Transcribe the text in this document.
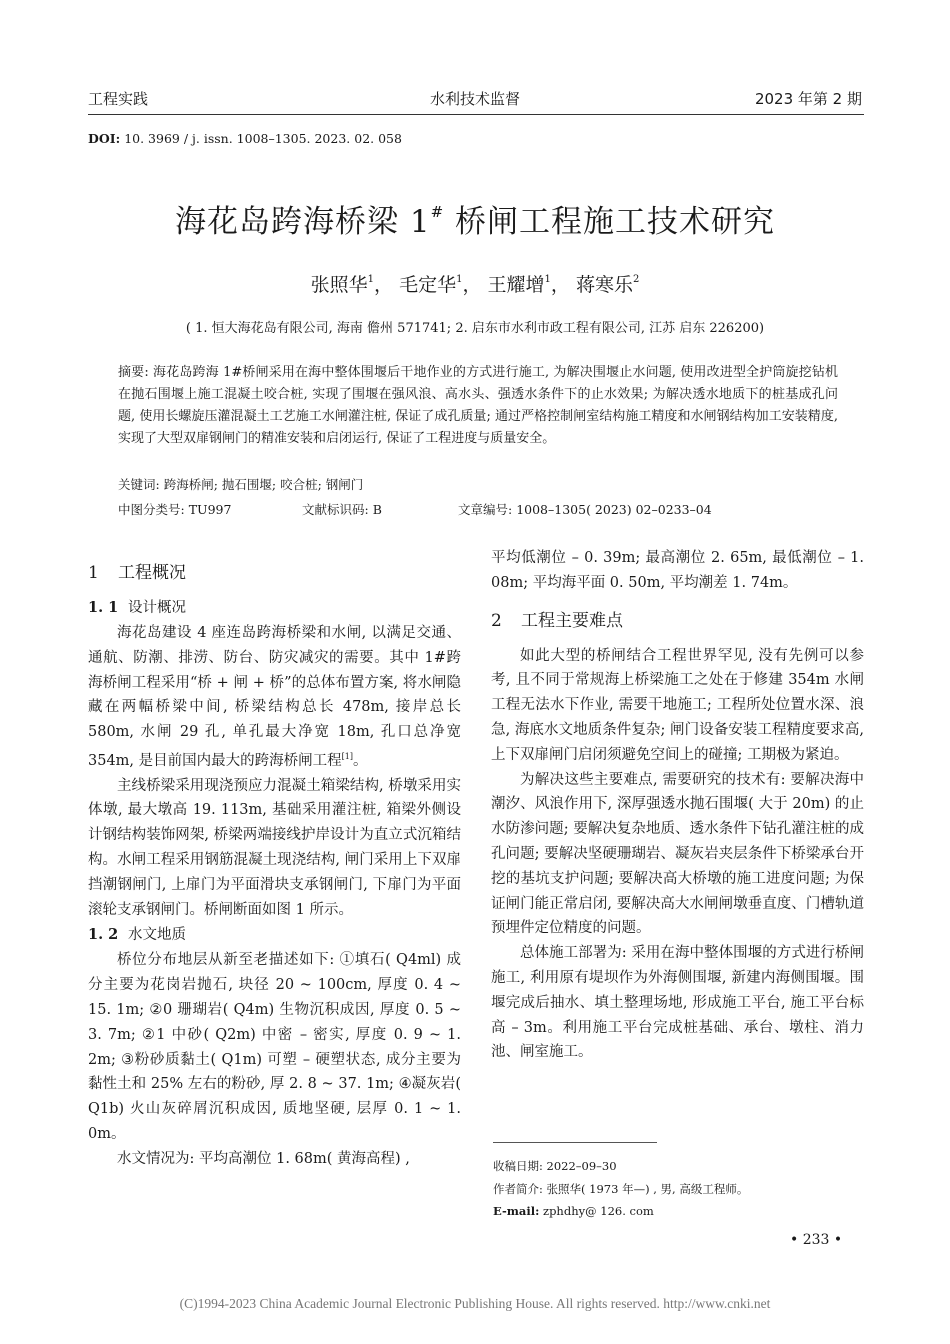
工程实践	水利技术监督	2023 年第 2 期
DOI: 10. 3969 / j. issn. 1008–1305. 2023. 02. 058
海花岛跨海桥梁 1# 桥闸工程施工技术研究
张照华$^1$， 毛定华$^1$， 王耀增$^1$， 蒋寒乐$^2$
( 1. 恒大海花岛有限公司, 海南 儋州 571741; 2. 启东市水利市政工程有限公司, 江苏 启东 226200)
摘要: 海花岛跨海 1#桥闸采用在海中整体围堰后干地作业的方式进行施工, 为解决围堰止水问题, 使用改进型全护筒旋挖钻机在抛石围堰上施工混凝土咬合桩, 实现了围堰在强风浪、高水头、强透水条件下的止水效果; 为解决透水地质下的桩基成孔问题, 使用长螺旋压灌混凝土工艺施工水闸灌注桩, 保证了成孔质量; 通过严格控制闸室结构施工精度和水闸钢结构加工安装精度, 实现了大型双扉钢闸门的精准安装和启闭运行, 保证了工程进度与质量安全。
关键词: 跨海桥闸; 抛石围堰; 咬合桩; 钢闸门
中图分类号: TU997	文献标识码: B	文章编号: 1008–1305( 2023) 02–0233–04
1 工程概况
1. 1 设计概况

海花岛建设 4 座连岛跨海桥梁和水闸, 以满足交通、通航、防潮、排涝、防台、防灾减灾的需要。其中 1#跨海桥闸工程采用“桥 + 闸 + 桥”的总体布置方案, 将水闸隐藏在两幅桥梁中间, 桥梁结构总长 478m, 接岸总长 580m, 水闸 29 孔, 单孔最大净宽 18m, 孔口总净宽 354m, 是目前国内最大的跨海桥闸工程[1]。

主线桥梁采用现浇预应力混凝土箱梁结构, 桥墩采用实体墩, 最大墩高 19. 113m, 基础采用灌注桩, 箱梁外侧设计钢结构装饰网架, 桥梁两端接线护岸设计为直立式沉箱结构。水闸工程采用钢筋混凝土现浇结构, 闸门采用上下双扉挡潮钢闸门, 上扉门为平面滑块支承钢闸门, 下扉门为平面滚轮支承钢闸门。桥闸断面如图 1 所示。

1. 2 水文地质

桥位分布地层从新至老描述如下: ①填石( Q4ml) 成分主要为花岗岩抛石, 块径 20 ~ 100cm, 厚度 0. 4 ~ 15. 1m; ②0 珊瑚岩( Q4m) 生物沉积成因, 厚度 0. 5 ~ 3. 7m; ②1 中砂( Q2m) 中密 – 密实, 厚度 0. 9 ~ 1. 2m; ③粉砂质黏土( Q1m) 可塑 – 硬塑状态, 成分主要为黏性土和 25% 左右的粉砂, 厚 2. 8 ~ 37. 1m; ④凝灰岩( Q1b) 火山灰碎屑沉积成因, 质地坚硬, 层厚 0. 1 ~ 1. 0m。

水文情况为: 平均高潮位 1. 68m( 黄海高程) ,

平均低潮位 – 0. 39m; 最高潮位 2. 65m, 最低潮位 – 1. 08m; 平均海平面 0. 50m, 平均潮差 1. 74m。

2 工程主要难点

如此大型的桥闸结合工程世界罕见, 没有先例可以参考, 且不同于常规海上桥梁施工之处在于修建 354m 水闸工程无法水下作业, 需要干地施工; 工程所处位置水深、浪急, 海底水文地质条件复杂; 闸门设备安装工程精度要求高, 上下双扉闸门启闭须避免空间上的碰撞; 工期极为紧迫。

为解决这些主要难点, 需要研究的技术有: 要解决海中潮汐、风浪作用下, 深厚强透水抛石围堰( 大于 20m) 的止水防渗问题; 要解决复杂地质、透水条件下钻孔灌注桩的成孔问题; 要解决坚硬珊瑚岩、凝灰岩夹层条件下桥梁承台开挖的基坑支护问题; 要解决高大桥墩的施工进度问题; 为保证闸门能正常启闭, 要解决高大水闸闸墩垂直度、门槽轨道预埋件定位精度的问题。

总体施工部署为: 采用在海中整体围堰的方式进行桥闸施工, 利用原有堤坝作为外海侧围堰, 新建内海侧围堰。围堰完成后抽水、填土整理场地, 形成施工平台, 施工平台标高 – 3m。利用施工平台完成桩基础、承台、墩柱、消力池、闸室施工。

收稿日期: 2022–09–30
作者简介: 张照华( 1973 年—) , 男, 高级工程师。
E-mail: zphdhy@ 126. com
• 233 •
(C)1994-2023 China Academic Journal Electronic Publishing House. All rights reserved. http://www.cnki.net
